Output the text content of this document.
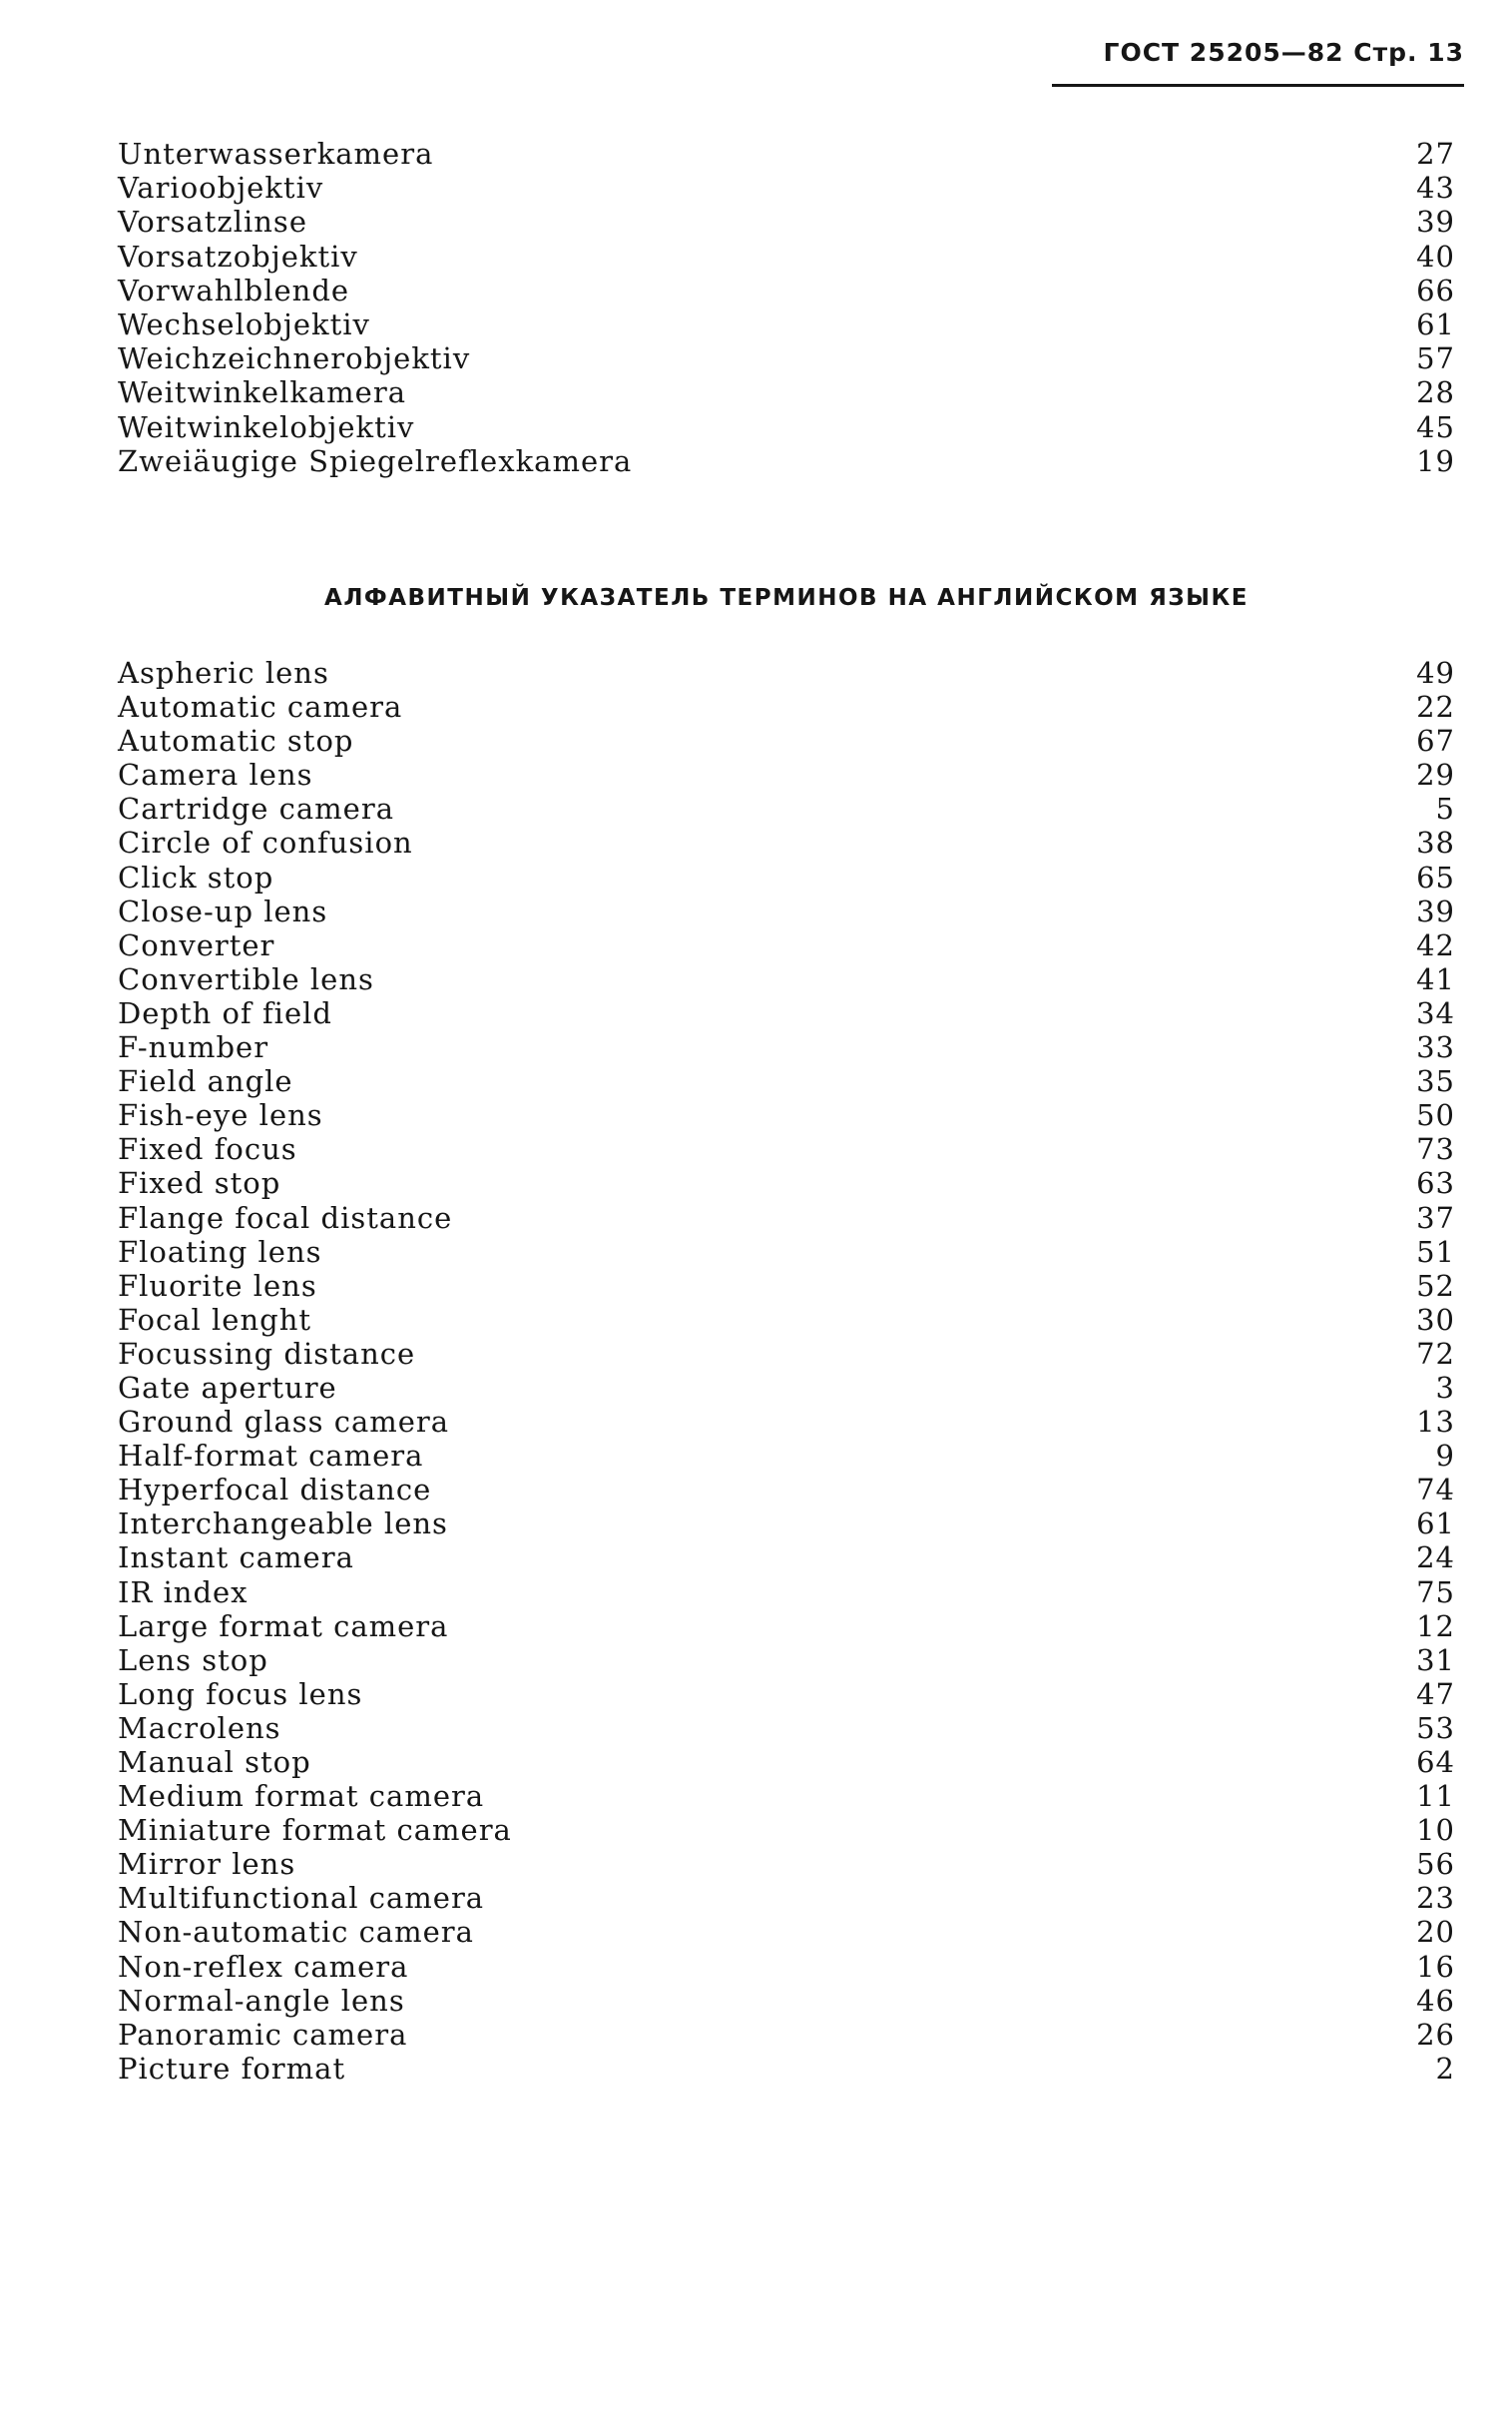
ГОСТ 25205—82 Стр. 13
Unterwasserkamera	27
Varioobjektiv	43
Vorsatzlinse	39
Vorsatzobjektiv	40
Vorwahlblende	66
Wechselobjektiv	61
Weichzeichnerobjektiv	57
Weitwinkelkamera	28
Weitwinkelobjektiv	45
Zweiäugige Spiegelreflexkamera	19
АЛФАВИТНЫЙ УКАЗАТЕЛЬ ТЕРМИНОВ НА АНГЛИЙСКОМ ЯЗЫКЕ
Aspheric lens	49
Automatic camera	22
Automatic stop	67
Camera lens	29
Cartridge camera	5
Circle of confusion	38
Click stop	65
Close-up lens	39
Converter	42
Convertible lens	41
Depth of field	34
F-number	33
Field angle	35
Fish-eye lens	50
Fixed focus	73
Fixed stop	63
Flange focal distance	37
Floating lens	51
Fluorite lens	52
Focal lenght	30
Focussing distance	72
Gate aperture	3
Ground glass camera	13
Half-format camera	9
Hyperfocal distance	74
Interchangeable lens	61
Instant camera	24
IR index	75
Large format camera	12
Lens stop	31
Long focus lens	47
Macrolens	53
Manual stop	64
Medium format camera	11
Miniature format camera	10
Mirror lens	56
Multifunctional camera	23
Non-automatic camera	20
Non-reflex camera	16
Normal-angle lens	46
Panoramic camera	26
Picture format	2
